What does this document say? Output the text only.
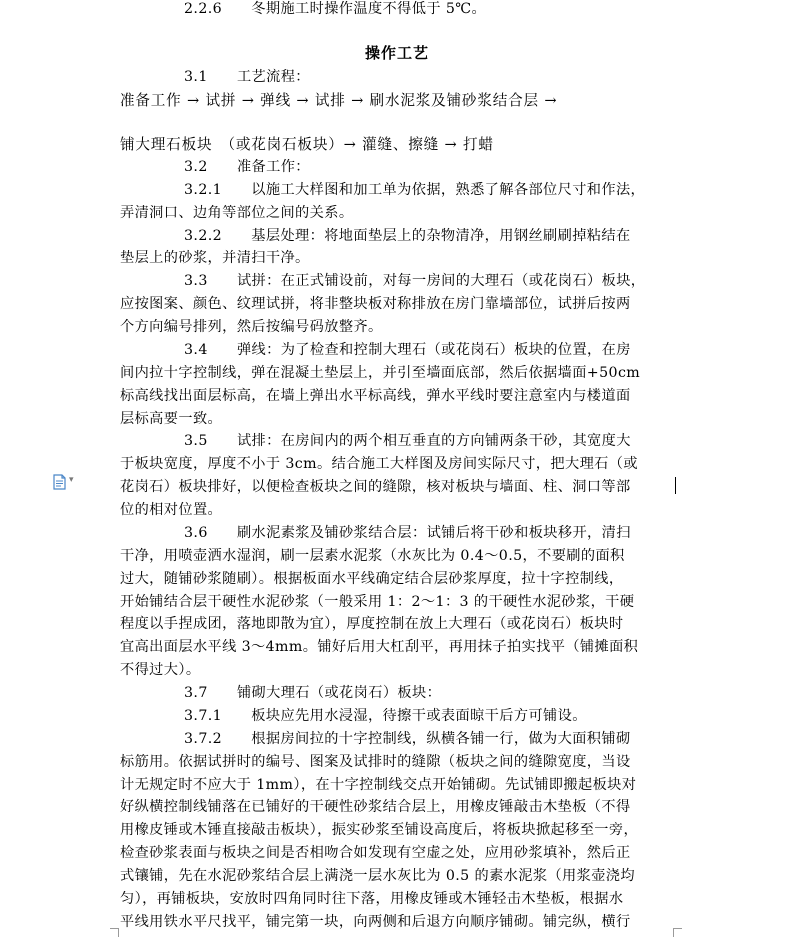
2.2.6　　冬期施工时操作温度不得低于 5℃。
操作工艺
3.1　　工艺流程：
准备工作 → 试拼 → 弹线 → 试排 → 刷水泥浆及铺砂浆结合层 →
铺大理石板块　（或花岗石板块）→ 灌缝、擦缝 → 打蜡
3.2　　准备工作：
3.2.1　　以施工大样图和加工单为依据，熟悉了解各部位尺寸和作法，
弄清洞口、边角等部位之间的关系。
3.2.2　　基层处理：将地面垫层上的杂物清净，用钢丝刷刷掉粘结在
垫层上的砂浆，并清扫干净。
3.3　　试拼：在正式铺设前，对每一房间的大理石（或花岗石）板块，
应按图案、颜色、纹理试拼，将非整块板对称排放在房门靠墙部位，试拼后按两
个方向编号排列，然后按编号码放整齐。
3.4　　弹线：为了检查和控制大理石（或花岗石）板块的位置，在房
间内拉十字控制线，弹在混凝土垫层上，并引至墙面底部，然后依据墙面+50cm
标高线找出面层标高，在墙上弹出水平标高线，弹水平线时要注意室内与楼道面
层标高要一致。
3.5　　试排：在房间内的两个相互垂直的方向铺两条干砂，其宽度大
于板块宽度，厚度不小于 3cm。结合施工大样图及房间实际尺寸，把大理石（或
花岗石）板块排好，以便检查板块之间的缝隙，核对板块与墙面、柱、洞口等部
位的相对位置。
3.6　　刷水泥素浆及铺砂浆结合层：试铺后将干砂和板块移开，清扫
干净，用喷壶洒水湿润，刷一层素水泥浆（水灰比为 0.4～0.5，不要刷的面积
过大，随铺砂浆随刷）。根据板面水平线确定结合层砂浆厚度，拉十字控制线，
开始铺结合层干硬性水泥砂浆（一般采用 1：2～1：3 的干硬性水泥砂浆，干硬
程度以手捏成团，落地即散为宜），厚度控制在放上大理石（或花岗石）板块时
宜高出面层水平线 3～4mm。铺好后用大杠刮平，再用抹子拍实找平（铺摊面积
不得过大）。
3.7　　铺砌大理石（或花岗石）板块：
3.7.1　　板块应先用水浸湿，待擦干或表面晾干后方可铺设。
3.7.2　　根据房间拉的十字控制线，纵横各铺一行，做为大面积铺砌
标筋用。依据试拼时的编号、图案及试排时的缝隙（板块之间的缝隙宽度，当设
计无规定时不应大于 1mm），在十字控制线交点开始铺砌。先试铺即搬起板块对
好纵横控制线铺落在已铺好的干硬性砂浆结合层上，用橡皮锤敲击木垫板（不得
用橡皮锤或木锤直接敲击板块），振实砂浆至铺设高度后，将板块掀起移至一旁，
检查砂浆表面与板块之间是否相吻合如发现有空虚之处，应用砂浆填补，然后正
式镶铺，先在水泥砂浆结合层上满浇一层水灰比为 0.5 的素水泥浆（用浆壶浇均
匀），再铺板块，安放时四角同时往下落，用橡皮锤或木锤轻击木垫板，根据水
平线用铁水平尺找平，铺完第一块，向两侧和后退方向顺序铺砌。铺完纵，横行
▾
